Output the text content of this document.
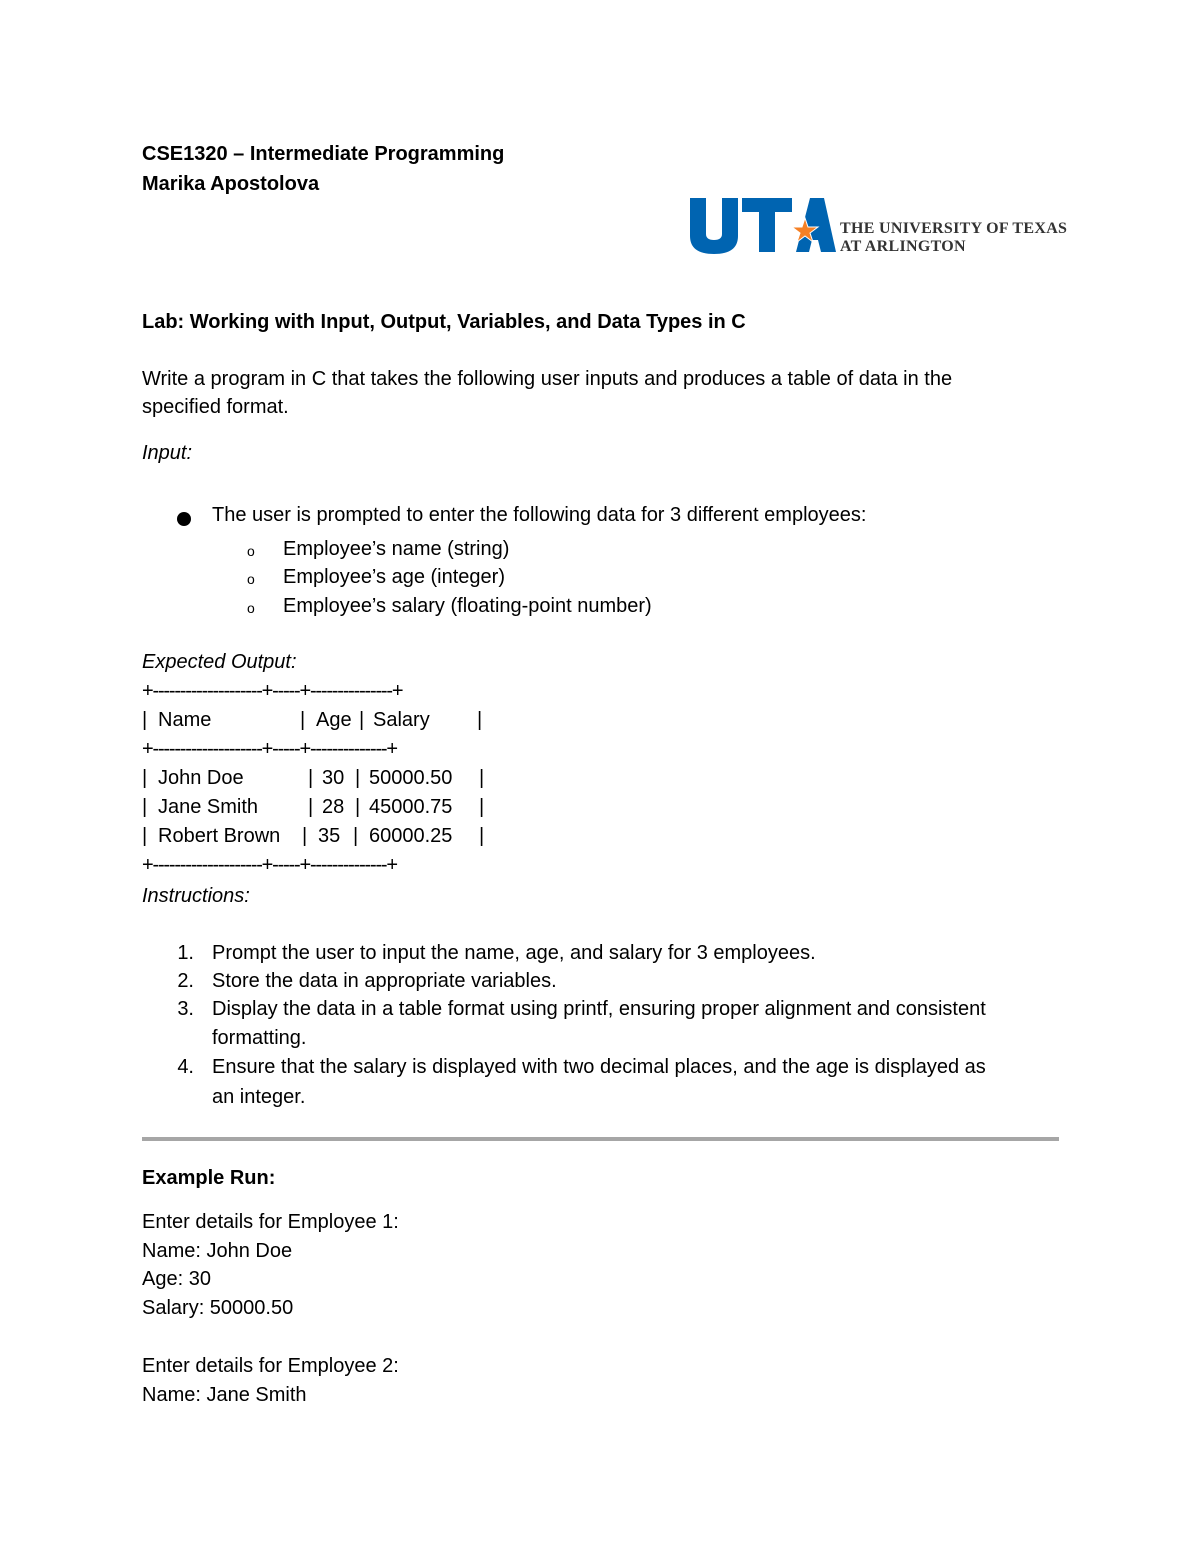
CSE1320 – Intermediate Programming
Marika Apostolova
THE UNIVERSITY OF TEXAS
AT ARLINGTON
Lab: Working with Input, Output, Variables, and Data Types in C
Write a program in C that takes the following user inputs and produces a table of data in the
specified format.
Input:
The user is prompted to enter the following data for 3 different employees:
o Employee’s name (string)
o Employee’s age (integer)
o Employee’s salary (floating-point number)
Expected Output:
+--------------------+-----+---------------+

|

Name

	|

Age

|

Salary

|

+--------------------+-----+--------------+

|

John Doe

	|

30

|

50000.50

|

|

Jane Smith

|

28

|

45000.75

|

|

Robert Brown

|

35

|

60000.25

|

+--------------------+-----+--------------+
Instructions:
1. Prompt the user to input the name, age, and salary for 3 employees.
2. Store the data in appropriate variables.
3. Display the data in a table format using printf, ensuring proper alignment and consistent
formatting.
4. Ensure that the salary is displayed with two decimal places, and the age is displayed as
an integer.
Example Run:
Enter details for Employee 1:
Name: John Doe
Age: 30
Salary: 50000.50
Enter details for Employee 2:
Name: Jane Smith
